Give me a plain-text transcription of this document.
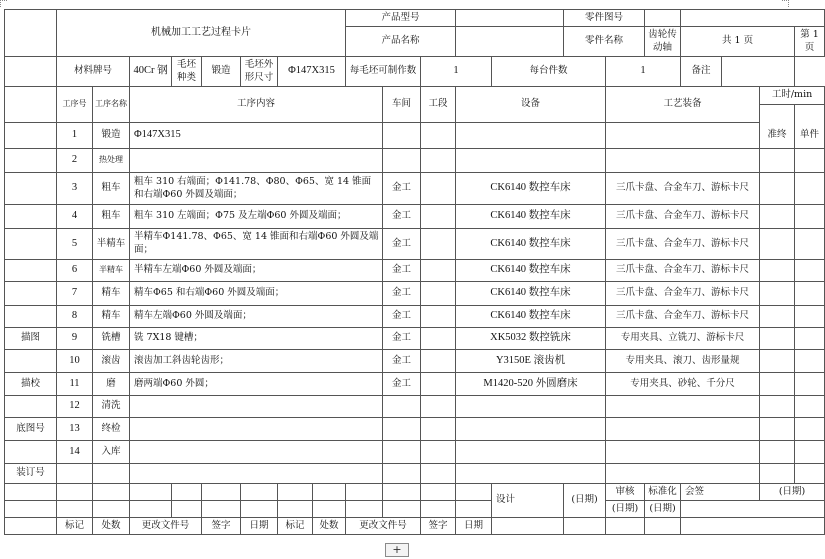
	机械加工工艺过程卡片								产品型号					零件图号						
									产品名称					零件名称		齿轮传动轴	共 1 页			第 1 页
	材料牌号		40Cr 钢	毛坯种类	锻造	毛坯外形尺寸	Φ147X315		每毛坯可制作数		1		每台件数		1		备注			
	工序号	工序名称	工序内容							车间	工段	设备			工艺装备				工时/min	

	1	锻造	Φ147X315																准终	单件
	2	热处理																		
	3	粗车	粗车 310 右端面；Φ141.78、Φ80、Φ65、宽 14 锥面和右端Φ60 外圆及端面；							金工		CK6140 数控车床			三爪卡盘、合金车刀、游标卡尺					
	4	粗车	粗车 310 左端面；Φ75 及左端Φ60 外圆及端面；							金工		CK6140 数控车床			三爪卡盘、合金车刀、游标卡尺					
	5	半精车	半精车Φ141.78、Φ65、宽 14 锥面和右端Φ60 外圆及端面；							金工		CK6140 数控车床			三爪卡盘、合金车刀、游标卡尺					
	6	半精车	半精车左端Φ60 外圆及端面；							金工		CK6140 数控车床			三爪卡盘、合金车刀、游标卡尺					
	7	精车	精车Φ65 和右端Φ60 外圆及端面；							金工		CK6140 数控车床			三爪卡盘、合金车刀、游标卡尺					
	8	精车	精车左端Φ60 外圆及端面；							金工		CK6140 数控车床			三爪卡盘、合金车刀、游标卡尺					
描图	9	铣槽	铣 7X18 键槽；							金工		XK5032 数控铣床			专用夹具、立铣刀、游标卡尺					
	10	滚齿	滚齿加工斜齿轮齿形；							金工		Y3150E 滚齿机			专用夹具、滚刀、齿形量规					
描校	11	磨	磨两端Φ60 外圆；							金工		M1420-520 外圆磨床			专用夹具、砂轮、千分尺					
	12	清洗																		
底图号	13	终检																		
	14	入库																		
装订号																				
													设计	(日期)	审核	标准化	会签		(日期)	
															(日期)	(日期)				
	标记	处数	更改文件号		签字	日期	标记	处数	更改文件号		签字	日期								
+
